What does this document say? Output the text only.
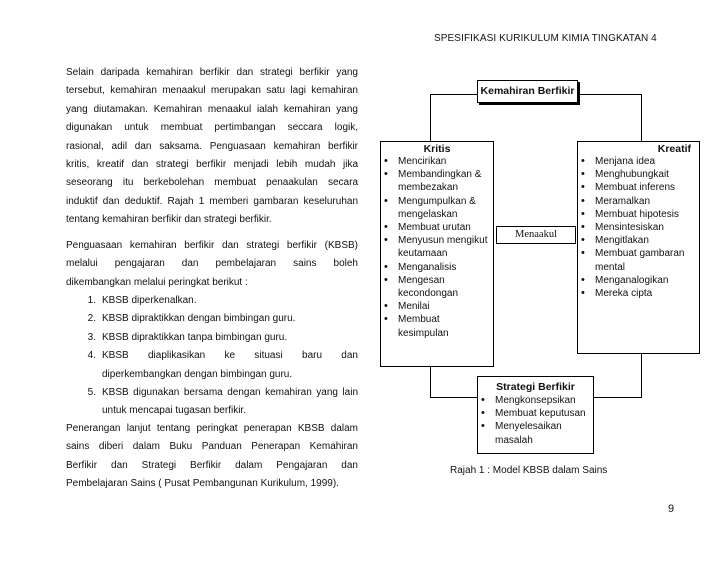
SPESIFIKASI KURIKULUM KIMIA TINGKATAN 4
Selain daripada kemahiran berfikir dan strategi berfikir yang
tersebut, kemahiran menaakul merupakan satu lagi kemahiran
yang diutamakan. Kemahiran menaakul ialah kemahiran yang
digunakan untuk membuat pertimbangan seccara logik,
rasional, adil dan saksama. Penguasaan kemahiran berfikir
kritis, kreatif dan strategi berfikir menjadi lebih mudah jika
seseorang itu berkebolehan membuat penaakulan secara
induktif dan deduktif. Rajah 1 memberi gambaran keseluruhan
tentang kemahiran berfikir dan strategi berfikir.
Penguasaan kemahiran berfikir dan strategi berfikir (KBSB)
melalui pengajaran dan pembelajaran sains boleh
dikembangkan melalui peringkat berikut :
1. KBSB diperkenalkan.
2. KBSB dipraktikkan dengan bimbingan guru.
3. KBSB dipraktikkan tanpa bimbingan guru.
4. KBSB diaplikasikan ke situasi baru dan
diperkembangkan dengan bimbingan guru.
5. KBSB digunakan bersama dengan kemahiran yang lain
untuk mencapai tugasan berfikir.
Penerangan lanjut tentang peringkat penerapan KBSB dalam
sains diberi dalam Buku Panduan Penerapan Kemahiran
Berfikir dan Strategi Berfikir dalam Pengajaran dan
Pembelajaran Sains ( Pusat Pembangunan Kurikulum, 1999).
Kemahiran Berfikir
Kritis
• Mencirikan
• Membandingkan & membezakan
• Mengumpulkan & mengelaskan
• Membuat urutan
• Menyusun mengikut keutamaan
• Menganalisis
• Mengesan kecondongan
• Menilai
• Membuat kesimpulan
Menaakul
Kreatif
• Menjana idea
• Menghubungkait
• Membuat inferens
• Meramalkan
• Membuat hipotesis
• Mensintesiskan
• Mengitlakan
• Membuat gambaran mental
• Menganalogikan
• Mereka cipta
Strategi Berfikir
• Mengkonsepsikan
• Membuat keputusan
• Menyelesaikan masalah
Rajah 1 : Model KBSB dalam Sains
9
